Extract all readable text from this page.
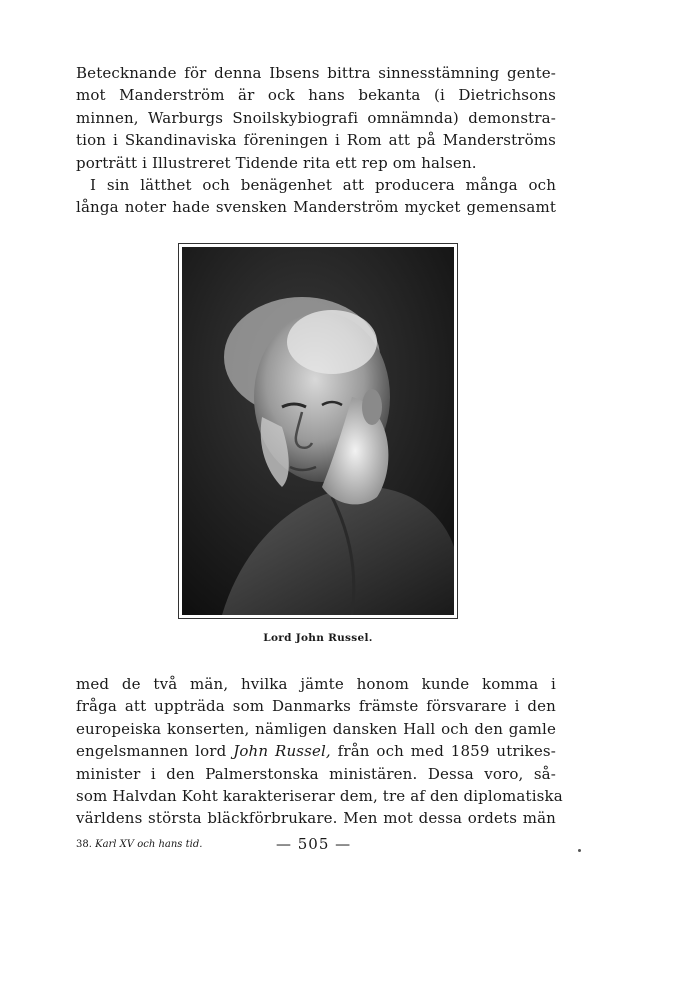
Betecknande för denna Ibsens bittra sinnesstämning gente-
mot Manderström är ock hans bekanta (i Dietrichsons
minnen, Warburgs Snoilskybiografi omnämnda) demonstra-
tion i Skandinaviska föreningen i Rom att på Manderströms
porträtt i Illustreret Tidende rita ett rep om halsen.
I sin lätthet och benägenhet att producera många och
långa noter hade svensken Manderström mycket gemensamt
Lord John Russel.
med de två män, hvilka jämte honom kunde komma i
fråga att uppträda som Danmarks främste försvarare i den
europeiska konserten, nämligen dansken Hall och den gamle
engelsmannen lord John Russel, från och med 1859 utrikes-
minister i den Palmerstonska ministären. Dessa voro, så-
som Halvdan Koht karakteriserar dem, tre af den diplomatiska
världens största bläckförbrukare. Men mot dessa ordets män
38. Karl XV och hans tid.	— 505 —
